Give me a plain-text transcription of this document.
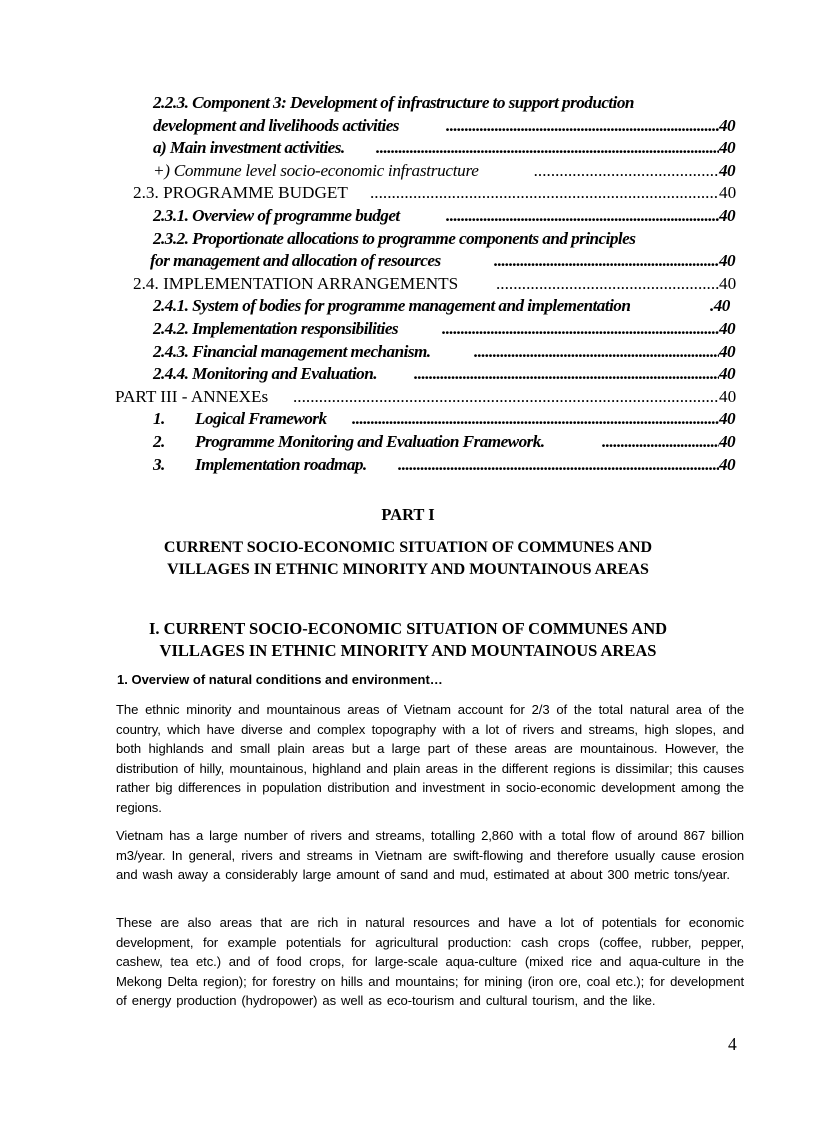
2.2.3. Component 3: Development of infrastructure to support production
development and livelihoods activities .....	40
a) Main investment activities. .....	40
+) Commune level socio-economic infrastructure .....	40
2.3. PROGRAMME BUDGET .....	40
2.3.1. Overview of programme budget .....	40
2.3.2. Proportionate allocations to programme components and principles
for management and allocation of resources .....	40
2.4. IMPLEMENTATION ARRANGEMENTS .....	40
2.4.1. System of bodies for programme management and implementation	.40
2.4.2. Implementation responsibilities .....	40
2.4.3. Financial management mechanism. .....	40
2.4.4. Monitoring and Evaluation. .....	40
PART III - ANNEXEs .....	40
1. Logical Framework .....	40
2. Programme Monitoring and Evaluation Framework. .....	40
3. Implementation roadmap. .....	40
PART I
CURRENT SOCIO-ECONOMIC SITUATION OF COMMUNES AND
VILLAGES IN ETHNIC MINORITY AND MOUNTAINOUS AREAS
I. CURRENT SOCIO-ECONOMIC SITUATION OF COMMUNES AND
VILLAGES IN ETHNIC MINORITY AND MOUNTAINOUS AREAS
1. Overview of natural conditions and environment…
The ethnic minority and mountainous areas of Vietnam account for 2/3 of the total natural area of the country, which have diverse and complex topography with a lot of rivers and streams, high slopes, and both highlands and small plain areas but a large part of these areas are mountainous. However, the distribution of hilly, mountainous, highland and plain areas in the different regions is dissimilar; this causes rather big differences in population distribution and investment in socio-economic development among the regions.
Vietnam has a large number of rivers and streams, totalling 2,860 with a total flow of around 867 billion m3/year. In general, rivers and streams in Vietnam are swift-flowing and therefore usually cause erosion and wash away a considerably large amount of sand and mud, estimated at about 300 metric tons/year.
These are also areas that are rich in natural resources and have a lot of potentials for economic development, for example potentials for agricultural production: cash crops (coffee, rubber, pepper, cashew, tea etc.) and of food crops, for large-scale aqua-culture (mixed rice and aqua-culture in the Mekong Delta region); for forestry on hills and mountains; for mining (iron ore, coal etc.); for development of energy production (hydropower) as well as eco-tourism and cultural tourism, and the like.
4
